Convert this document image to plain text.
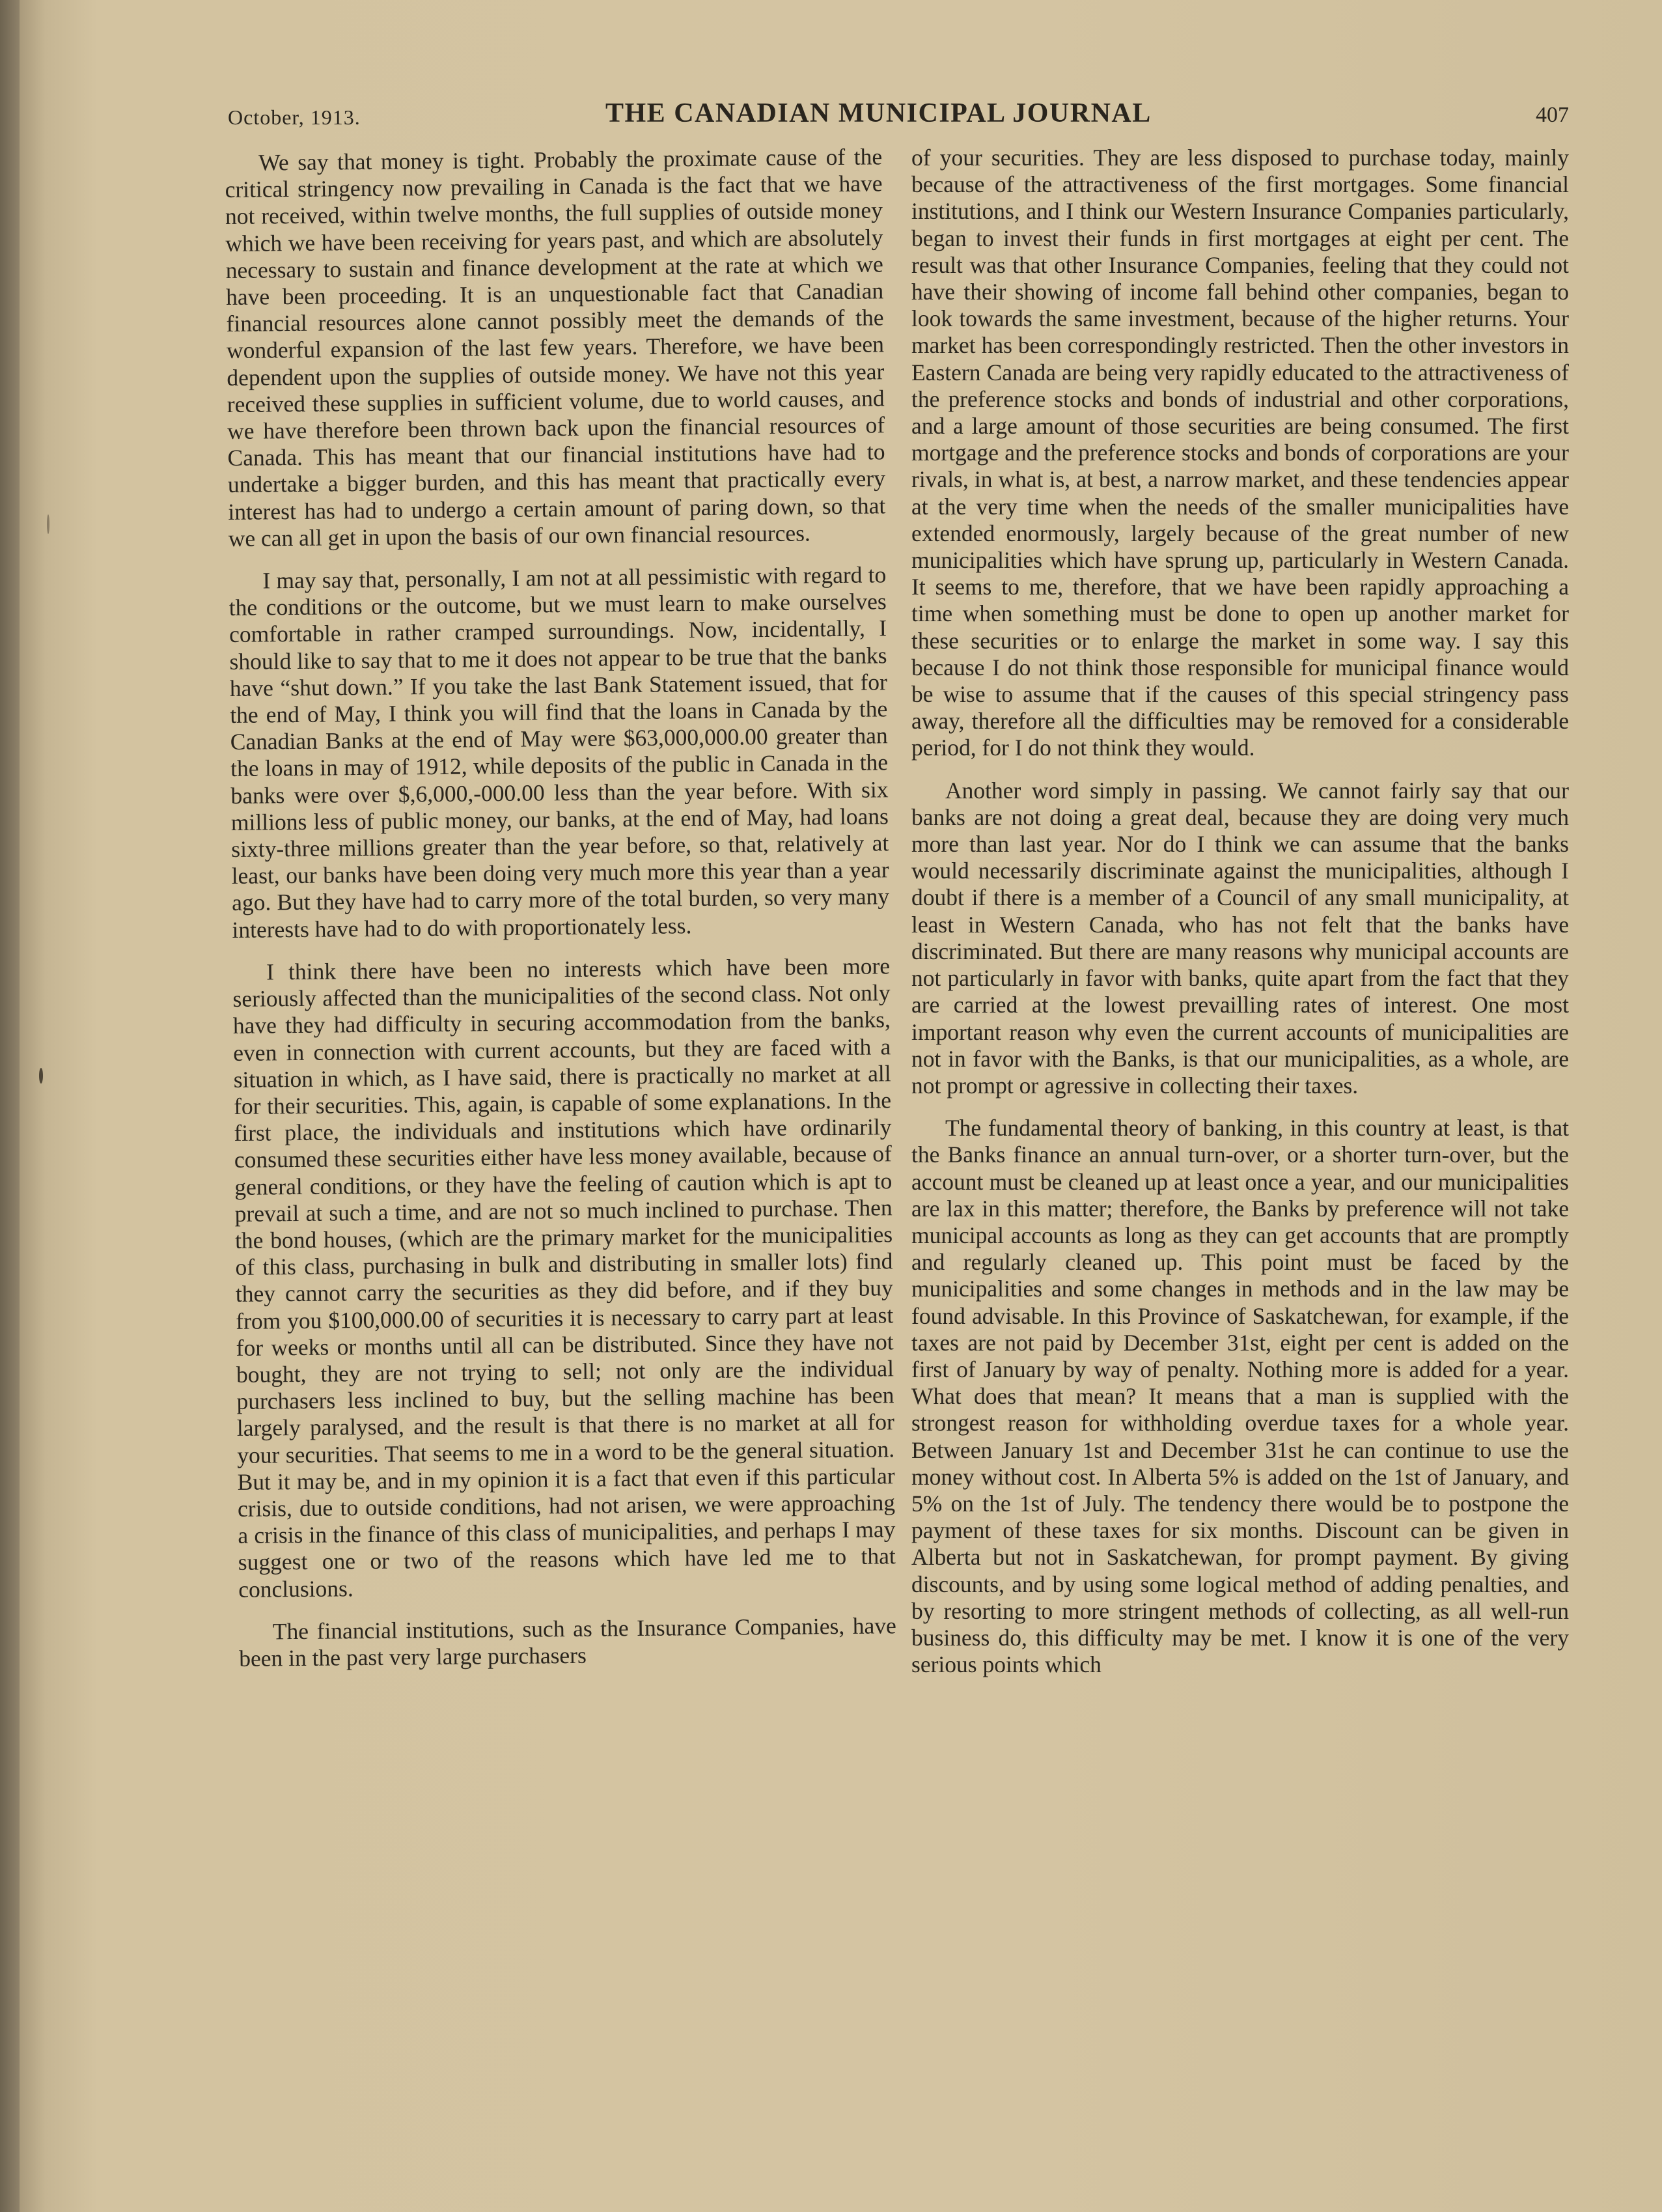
October, 1913.	THE CANADIAN MUNICIPAL JOURNAL	407

We say that money is tight. Probably the proximate cause of the critical stringency now prevailing in Canada is the fact that we have not received, within twelve months, the full supplies of outside money which we have been receiving for years past, and which are absolutely necessary to sustain and finance development at the rate at which we have been proceeding. It is an unquestionable fact that Canadian financial resources alone cannot possibly meet the demands of the wonderful expansion of the last few years. Therefore, we have been dependent upon the supplies of outside money. We have not this year received these supplies in sufficient volume, due to world causes, and we have therefore been thrown back upon the financial resources of Canada. This has meant that our financial institutions have had to undertake a bigger burden, and this has meant that practically every interest has had to undergo a certain amount of paring down, so that we can all get in upon the basis of our own financial resources.

I may say that, personally, I am not at all pessimistic with regard to the conditions or the outcome, but we must learn to make ourselves comfortable in rather cramped surroundings. Now, incidentally, I should like to say that to me it does not appear to be true that the banks have “shut down.” If you take the last Bank Statement issued, that for the end of May, I think you will find that the loans in Canada by the Canadian Banks at the end of May were $63,000,000.00 greater than the loans in may of 1912, while deposits of the public in Canada in the banks were over $,6,000,-000.00 less than the year before. With six millions less of public money, our banks, at the end of May, had loans sixty-three millions greater than the year before, so that, relatively at least, our banks have been doing very much more this year than a year ago. But they have had to carry more of the total burden, so very many interests have had to do with proportionately less.

I think there have been no interests which have been more seriously affected than the municipalities of the second class. Not only have they had difficulty in securing accommodation from the banks, even in connection with current accounts, but they are faced with a situation in which, as I have said, there is practically no market at all for their securities. This, again, is capable of some explanations. In the first place, the individuals and institutions which have ordinarily consumed these securities either have less money available, because of general conditions, or they have the feeling of caution which is apt to prevail at such a time, and are not so much inclined to purchase. Then the bond houses, (which are the primary market for the municipalities of this class, purchasing in bulk and distributing in smaller lots) find they cannot carry the securities as they did before, and if they buy from you $100,000.00 of securities it is necessary to carry part at least for weeks or months until all can be distributed. Since they have not bought, they are not trying to sell; not only are the individual purchasers less inclined to buy, but the selling machine has been largely paralysed, and the result is that there is no market at all for your securities. That seems to me in a word to be the general situation. But it may be, and in my opinion it is a fact that even if this particular crisis, due to outside conditions, had not arisen, we were approaching a crisis in the finance of this class of municipalities, and perhaps I may suggest one or two of the reasons which have led me to that conclusions.

The financial institutions, such as the Insurance Companies, have been in the past very large purchasers

of your securities. They are less disposed to purchase today, mainly because of the attractiveness of the first mortgages. Some financial institutions, and I think our Western Insurance Companies particularly, began to invest their funds in first mortgages at eight per cent. The result was that other Insurance Companies, feeling that they could not have their showing of income fall behind other companies, began to look towards the same investment, because of the higher returns. Your market has been correspondingly restricted. Then the other investors in Eastern Canada are being very rapidly educated to the attractiveness of the preference stocks and bonds of industrial and other corporations, and a large amount of those securities are being consumed. The first mortgage and the preference stocks and bonds of corporations are your rivals, in what is, at best, a narrow market, and these tendencies appear at the very time when the needs of the smaller municipalities have extended enormously, largely because of the great number of new municipalities which have sprung up, particularly in Western Canada. It seems to me, therefore, that we have been rapidly approaching a time when something must be done to open up another market for these securities or to enlarge the market in some way. I say this because I do not think those responsible for municipal finance would be wise to assume that if the causes of this special stringency pass away, therefore all the difficulties may be removed for a considerable period, for I do not think they would.

Another word simply in passing. We cannot fairly say that our banks are not doing a great deal, because they are doing very much more than last year. Nor do I think we can assume that the banks would necessarily discriminate against the municipalities, although I doubt if there is a member of a Council of any small municipality, at least in Western Canada, who has not felt that the banks have discriminated. But there are many reasons why municipal accounts are not particularly in favor with banks, quite apart from the fact that they are carried at the lowest prevailling rates of interest. One most important reason why even the current accounts of municipalities are not in favor with the Banks, is that our municipalities, as a whole, are not prompt or agressive in collecting their taxes.

The fundamental theory of banking, in this country at least, is that the Banks finance an annual turn-over, or a shorter turn-over, but the account must be cleaned up at least once a year, and our municipalities are lax in this matter; therefore, the Banks by preference will not take municipal accounts as long as they can get accounts that are promptly and regularly cleaned up. This point must be faced by the municipalities and some changes in methods and in the law may be found advisable. In this Province of Saskatchewan, for example, if the taxes are not paid by December 31st, eight per cent is added on the first of January by way of penalty. Nothing more is added for a year. What does that mean? It means that a man is supplied with the strongest reason for withholding overdue taxes for a whole year. Between January 1st and December 31st he can continue to use the money without cost. In Alberta 5% is added on the 1st of January, and 5% on the 1st of July. The tendency there would be to postpone the payment of these taxes for six months. Discount can be given in Alberta but not in Saskatchewan, for prompt payment. By giving discounts, and by using some logical method of adding penalties, and by resorting to more stringent methods of collecting, as all well-run business do, this difficulty may be met. I know it is one of the very serious points which
